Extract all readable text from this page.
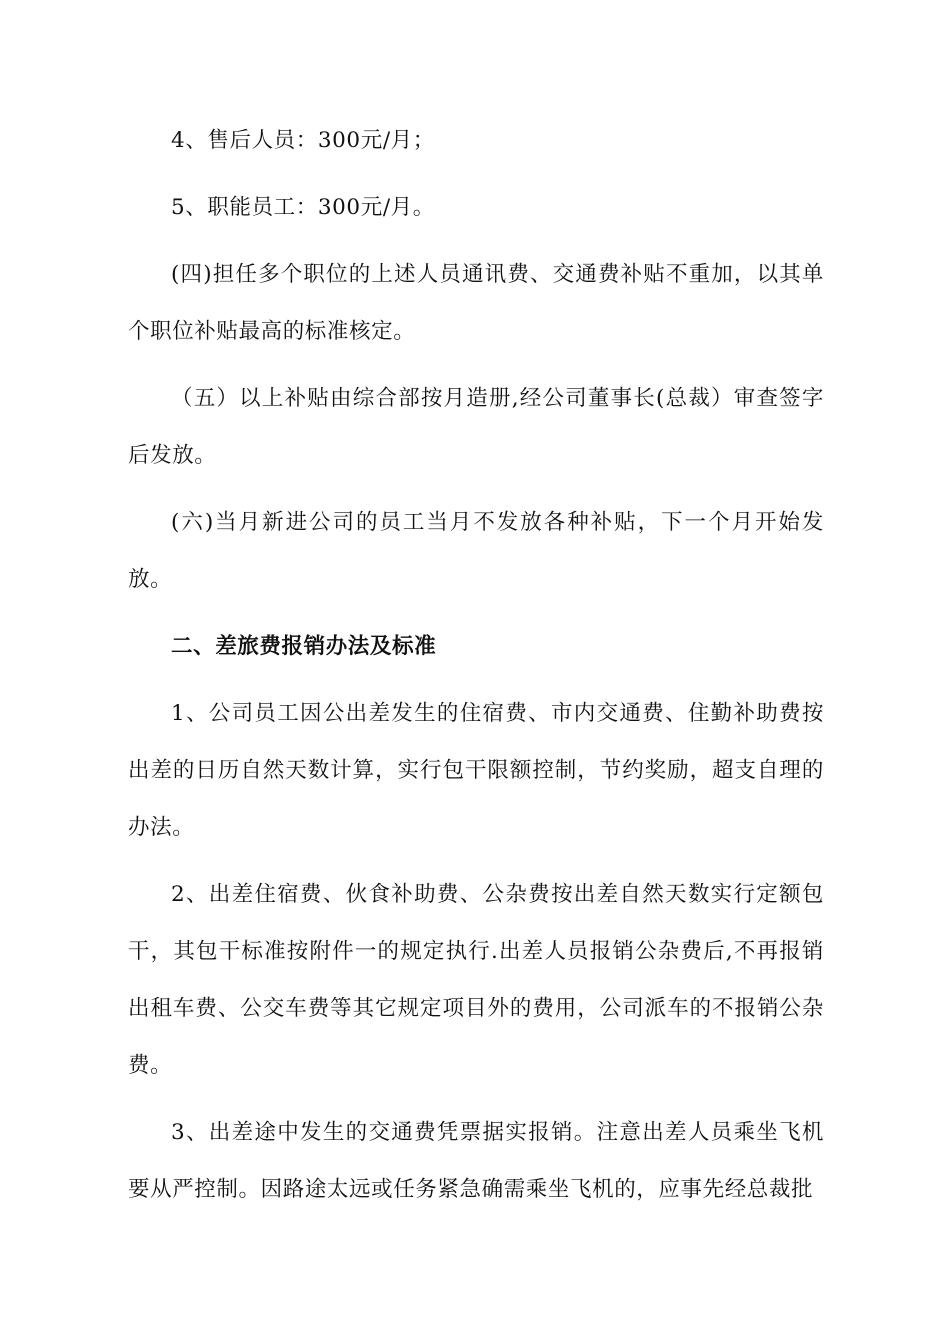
4、售后人员：300元/月；

5、职能员工：300元/月。

(四)担任多个职位的上述人员通讯费、交通费补贴不重加，以其单个职位补贴最高的标准核定。

（五）以上补贴由综合部按月造册,经公司董事长(总裁）审查签字后发放。

(六)当月新进公司的员工当月不发放各种补贴，下一个月开始发放。

二、差旅费报销办法及标准

1、公司员工因公出差发生的住宿费、市内交通费、住勤补助费按出差的日历自然天数计算，实行包干限额控制，节约奖励，超支自理的办法。

2、出差住宿费、伙食补助费、公杂费按出差自然天数实行定额包干，其包干标准按附件一的规定执行.出差人员报销公杂费后,不再报销出租车费、公交车费等其它规定项目外的费用，公司派车的不报销公杂费。

3、出差途中发生的交通费凭票据实报销。注意出差人员乘坐飞机要从严控制。因路途太远或任务紧急确需乘坐飞机的，应事先经总裁批
